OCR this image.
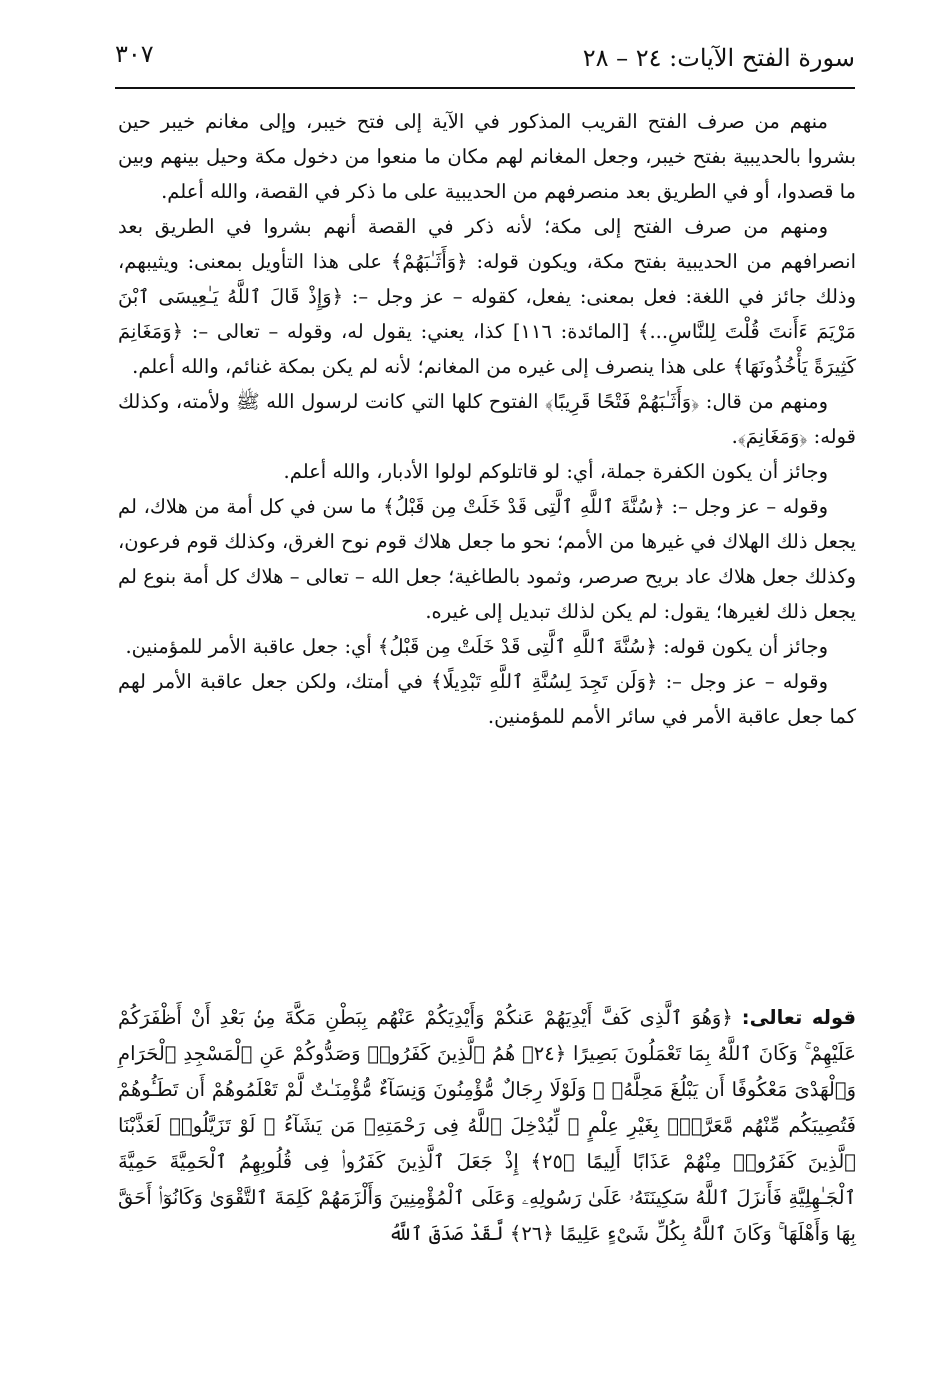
٣٠٧	سورة الفتح الآيات: ٢٤ – ٢٨

منهم من صرف الفتح القريب المذكور في الآية إلى فتح خيبر، وإلى مغانم خيبر حين بشروا بالحديبية بفتح خيبر، وجعل المغانم لهم مكان ما منعوا من دخول مكة وحيل بينهم وبين ما قصدوا، أو في الطريق بعد منصرفهم من الحديبية على ما ذكر في القصة، والله أعلم.

ومنهم من صرف الفتح إلى مكة؛ لأنه ذكر في القصة أنهم بشروا في الطريق بعد انصرافهم من الحديبية بفتح مكة، ويكون قوله: ﴿وَأَثَـٰبَهُمْ﴾ على هذا التأويل بمعنى: ويثيبهم، وذلك جائز في اللغة: فعل بمعنى: يفعل، كقوله – عز وجل –: ﴿وَإِذْ قَالَ ٱللَّهُ يَـٰعِيسَى ٱبْنَ مَرْيَمَ ءَأَنتَ قُلْتَ لِلنَّاسِ...﴾ [المائدة: ١١٦] كذا، يعني: يقول له، وقوله – تعالى –: ﴿وَمَغَانِمَ كَثِيرَةً يَأْخُذُونَهَا﴾ على هذا ينصرف إلى غيره من المغانم؛ لأنه لم يكن بمكة غنائم، والله أعلم.

ومنهم من قال: ﴿وَأَثَـٰبَهُمْ فَتْحًا قَرِيبًا﴾ الفتوح كلها التي كانت لرسول الله ﷺ ولأمته، وكذلك قوله: ﴿وَمَغَانِمَ﴾.

وجائز أن يكون الكفرة جملة، أي: لو قاتلوكم لولوا الأدبار، والله أعلم.

وقوله – عز وجل –: ﴿سُنَّةَ ٱللَّهِ ٱلَّتِى قَدْ خَلَتْ مِن قَبْلُ﴾ ما سن في كل أمة من هلاك، لم يجعل ذلك الهلاك في غيرها من الأمم؛ نحو ما جعل هلاك قوم نوح الغرق، وكذلك قوم فرعون، وكذلك جعل هلاك عاد بريح صرصر، وثمود بالطاغية؛ جعل الله – تعالى – هلاك كل أمة بنوع لم يجعل ذلك لغيرها؛ يقول: لم يكن لذلك تبديل إلى غيره.

وجائز أن يكون قوله: ﴿سُنَّةَ ٱللَّهِ ٱلَّتِى قَدْ خَلَتْ مِن قَبْلُ﴾ أي: جعل عاقبة الأمر للمؤمنين.

وقوله – عز وجل –: ﴿وَلَن تَجِدَ لِسُنَّةِ ٱللَّهِ تَبْدِيلًا﴾ في أمتك، ولكن جعل عاقبة الأمر لهم كما جعل عاقبة الأمر في سائر الأمم للمؤمنين.

قوله تعالى: ﴿وَهُوَ ٱلَّذِى كَفَّ أَيْدِيَهُمْ عَنكُمْ وَأَيْدِيَكُمْ عَنْهُم بِبَطْنِ مَكَّةَ مِنۢ بَعْدِ أَنْ أَظْفَرَكُمْ عَلَيْهِمْ ۚ وَكَانَ ٱللَّهُ بِمَا تَعْمَلُونَ بَصِيرًا ﴿٢٤﴾ هُمُ ٱلَّذِينَ كَفَرُوا۟ وَصَدُّوكُمْ عَنِ ٱلْمَسْجِدِ ٱلْحَرَامِ وَٱلْهَدْىَ مَعْكُوفًا أَن يَبْلُغَ مَحِلَّهُۥ ۚ وَلَوْلَا رِجَالٌ مُّؤْمِنُونَ وَنِسَآءٌ مُّؤْمِنَـٰتٌ لَّمْ تَعْلَمُوهُمْ أَن تَطَـُٔوهُمْ فَتُصِيبَكُم مِّنْهُم مَّعَرَّةٌۢ بِغَيْرِ عِلْمٍ ۖ لِّيُدْخِلَ ٱللَّهُ فِى رَحْمَتِهِۦ مَن يَشَآءُ ۚ لَوْ تَزَيَّلُوا۟ لَعَذَّبْنَا ٱلَّذِينَ كَفَرُوا۟ مِنْهُمْ عَذَابًا أَلِيمًا ﴿٢٥﴾ إِذْ جَعَلَ ٱلَّذِينَ كَفَرُوا۟ فِى قُلُوبِهِمُ ٱلْحَمِيَّةَ حَمِيَّةَ ٱلْجَـٰهِلِيَّةِ فَأَنزَلَ ٱللَّهُ سَكِينَتَهُۥ عَلَىٰ رَسُولِهِۦ وَعَلَى ٱلْمُؤْمِنِينَ وَأَلْزَمَهُمْ كَلِمَةَ ٱلتَّقْوَىٰ وَكَانُوٓا۟ أَحَقَّ بِهَا وَأَهْلَهَا ۚ وَكَانَ ٱللَّهُ بِكُلِّ شَىْءٍ عَلِيمًا ﴿٢٦﴾ لَّقَدْ صَدَقَ ٱللَّهُ
